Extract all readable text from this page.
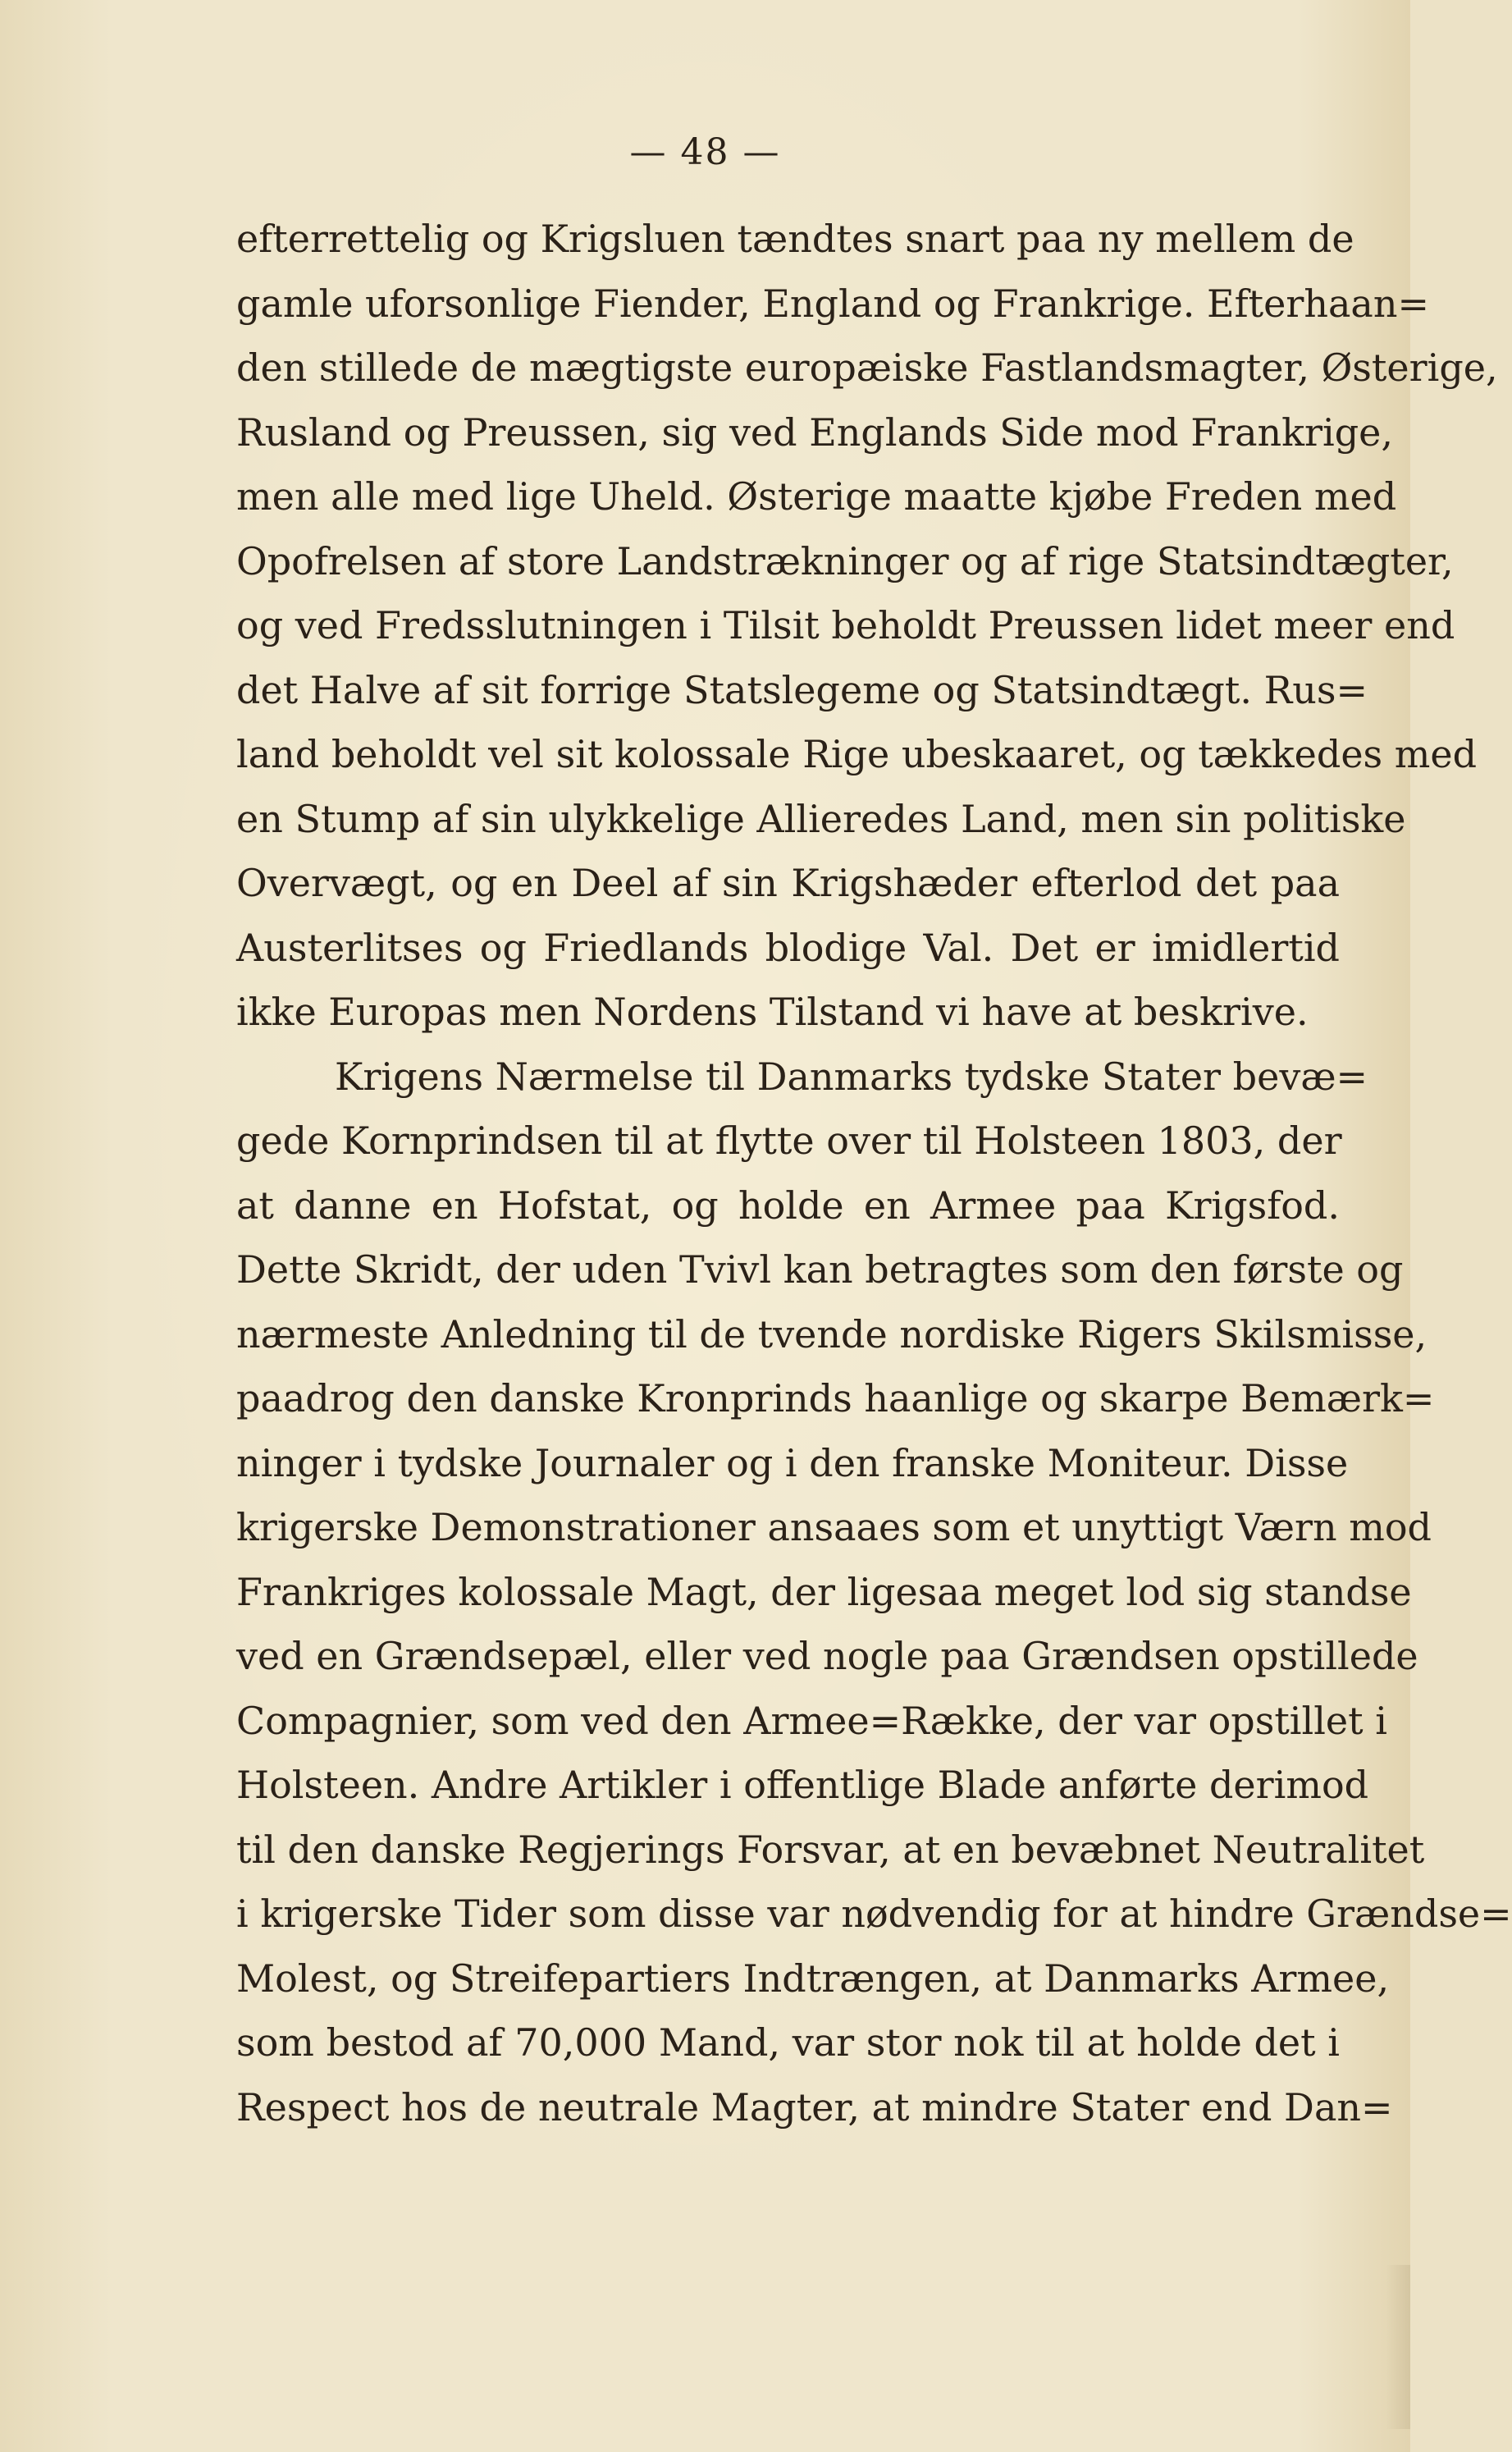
— 48 —
efterrettelig og Krigsluen tændtes snart paa ny mellem de
gamle uforsonlige Fiender, England og Frankrige. Efterhaan=
den stillede de mægtigste europæiske Fastlandsmagter, Østerige,
Rusland og Preussen, sig ved Englands Side mod Frankrige,
men alle med lige Uheld. Østerige maatte kjøbe Freden med
Opofrelsen af store Landstrækninger og af rige Statsindtægter,
og ved Fredsslutningen i Tilsit beholdt Preussen lidet meer end
det Halve af sit forrige Statslegeme og Statsindtægt. Rus=
land beholdt vel sit kolossale Rige ubeskaaret, og tækkedes med
en Stump af sin ulykkelige Allieredes Land, men sin politiske
Overvægt, og en Deel af sin Krigshæder efterlod det paa
Austerlitses og Friedlands blodige Val. Det er imidlertid
ikke Europas men Nordens Tilstand vi have at beskrive.
Krigens Nærmelse til Danmarks tydske Stater bevæ=
gede Kornprindsen til at flytte over til Holsteen 1803, der
at danne en Hofstat, og holde en Armee paa Krigsfod.
Dette Skridt, der uden Tvivl kan betragtes som den første og
nærmeste Anledning til de tvende nordiske Rigers Skilsmisse,
paadrog den danske Kronprinds haanlige og skarpe Bemærk=
ninger i tydske Journaler og i den franske Moniteur. Disse
krigerske Demonstrationer ansaaes som et unyttigt Værn mod
Frankriges kolossale Magt, der ligesaa meget lod sig standse
ved en Grændsepæl, eller ved nogle paa Grændsen opstillede
Compagnier, som ved den Armee=Række, der var opstillet i
Holsteen. Andre Artikler i offentlige Blade anførte derimod
til den danske Regjerings Forsvar, at en bevæbnet Neutralitet
i krigerske Tider som disse var nødvendig for at hindre Grændse=
Molest, og Streifepartiers Indtrængen, at Danmarks Armee,
som bestod af 70,000 Mand, var stor nok til at holde det i
Respect hos de neutrale Magter, at mindre Stater end Dan=
